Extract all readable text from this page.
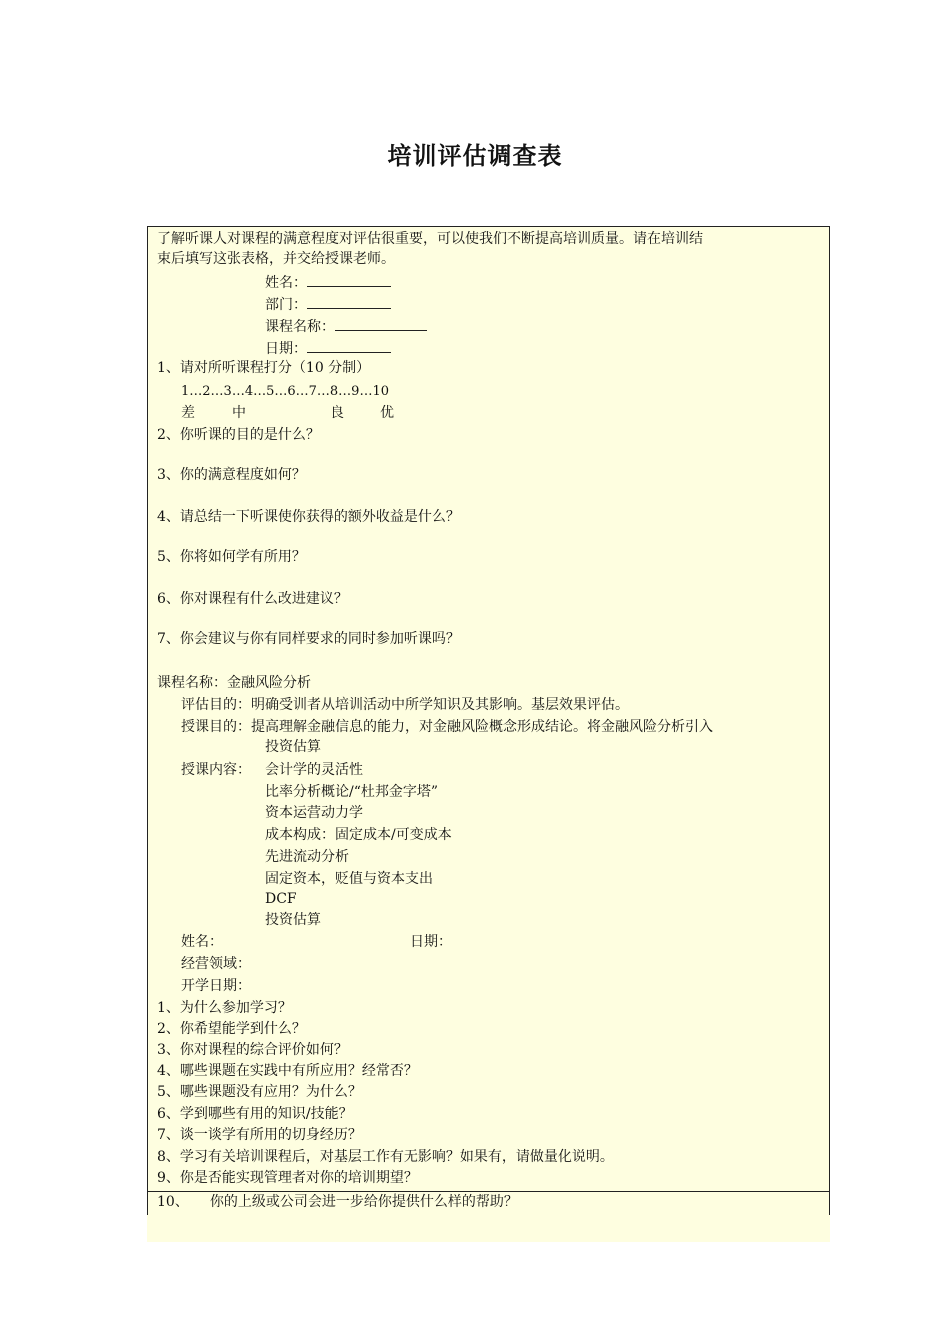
培训评估调查表
了解听课人对课程的满意程度对评估很重要，可以使我们不断提高培训质量。请在培训结
束后填写这张表格，并交给授课老师。
姓名：
部门：
课程名称：
日期：
1、请对所听课程打分（10 分制）
1…2…3…4…5…6…7…8…9…10
差	中	良	优
2、你听课的目的是什么？
3、你的满意程度如何？
4、请总结一下听课使你获得的额外收益是什么？
5、你将如何学有所用？
6、你对课程有什么改进建议？
7、你会建议与你有同样要求的同时参加听课吗？
课程名称：金融风险分析
评估目的：明确受训者从培训活动中所学知识及其影响。基层效果评估。
授课目的：提高理解金融信息的能力，对金融风险概念形成结论。将金融风险分析引入
投资估算
授课内容： 会计学的灵活性
比率分析概论/“杜邦金字塔”
资本运营动力学
成本构成：固定成本/可变成本
先进流动分析
固定资本，贬值与资本支出
DCF
投资估算
姓名：	日期：
经营领域：
开学日期：
1、为什么参加学习？
2、你希望能学到什么？
3、你对课程的综合评价如何？
4、哪些课题在实践中有所应用？经常否？
5、哪些课题没有应用？为什么？
6、学到哪些有用的知识/技能？
7、谈一谈学有所用的切身经历？
8、学习有关培训课程后，对基层工作有无影响？如果有，请做量化说明。
9、你是否能实现管理者对你的培训期望？
10、　　你的上级或公司会进一步给你提供什么样的帮助？
